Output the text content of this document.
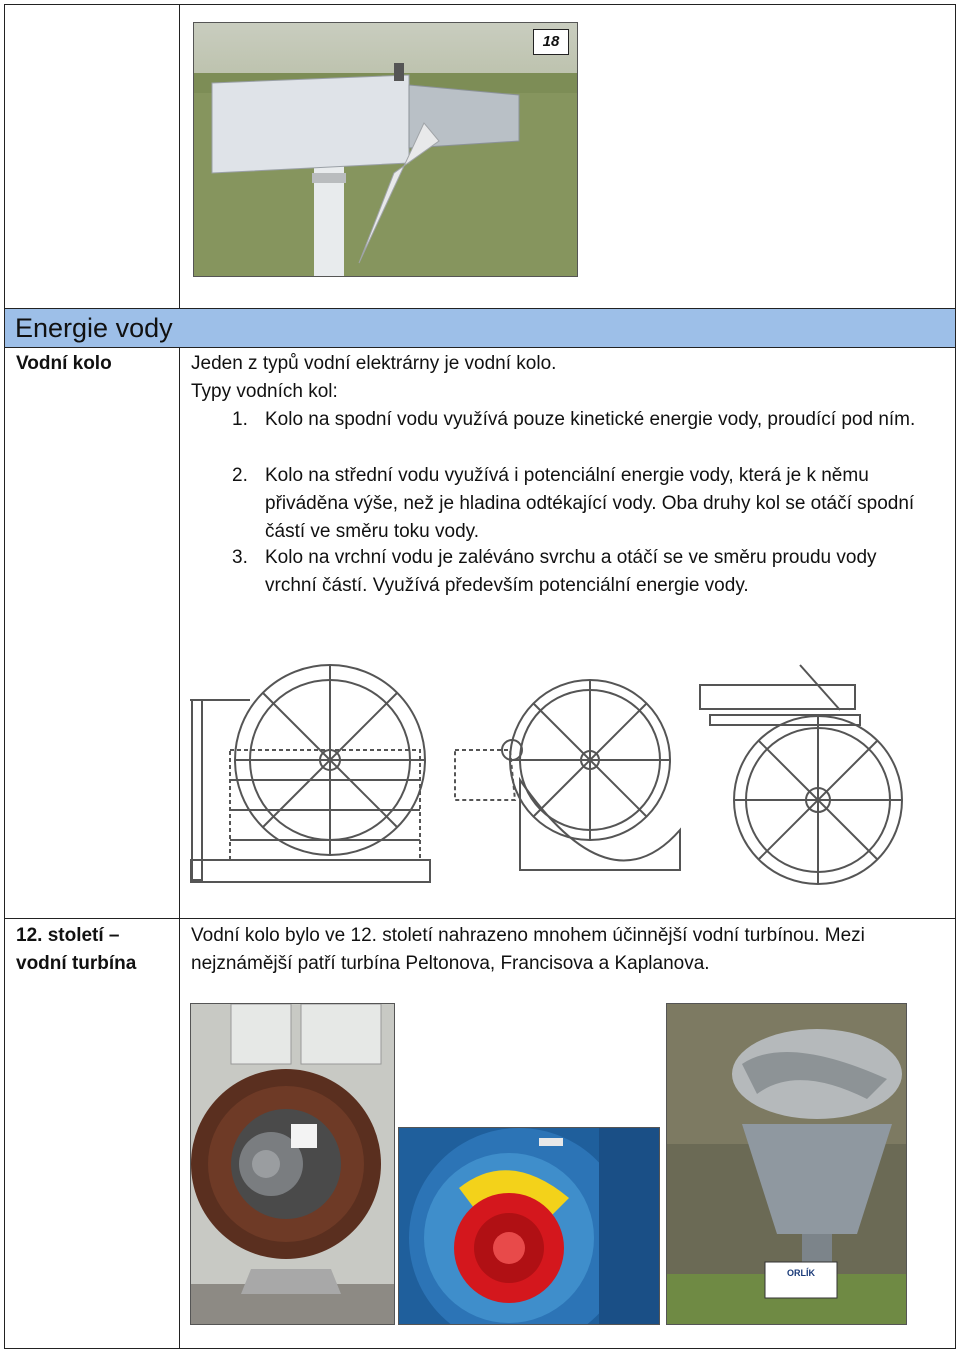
18
Energie vody
Vodní kolo	Jeden z typů vodní elektrárny je vodní kolo.
Typy vodních kol:
1. Kolo na spodní vodu využívá pouze kinetické energie vody, proudící pod ním.
2. Kolo na střední vodu využívá i potenciální energie vody, která je k němu přiváděna výše, než je hladina odtékající vody. Oba druhy kol se otáčí spodní částí ve směru toku vody.
3. Kolo na vrchní vodu je zaléváno svrchu a otáčí se ve směru proudu vody vrchní částí. Využívá především potenciální energie vody.
12. století –
vodní turbína
Vodní kolo bylo ve 12. století nahrazeno mnohem účinnější vodní turbínou. Mezi
nejznámější patří turbína Peltonova, Francisova a Kaplanova.
ORLÍK
